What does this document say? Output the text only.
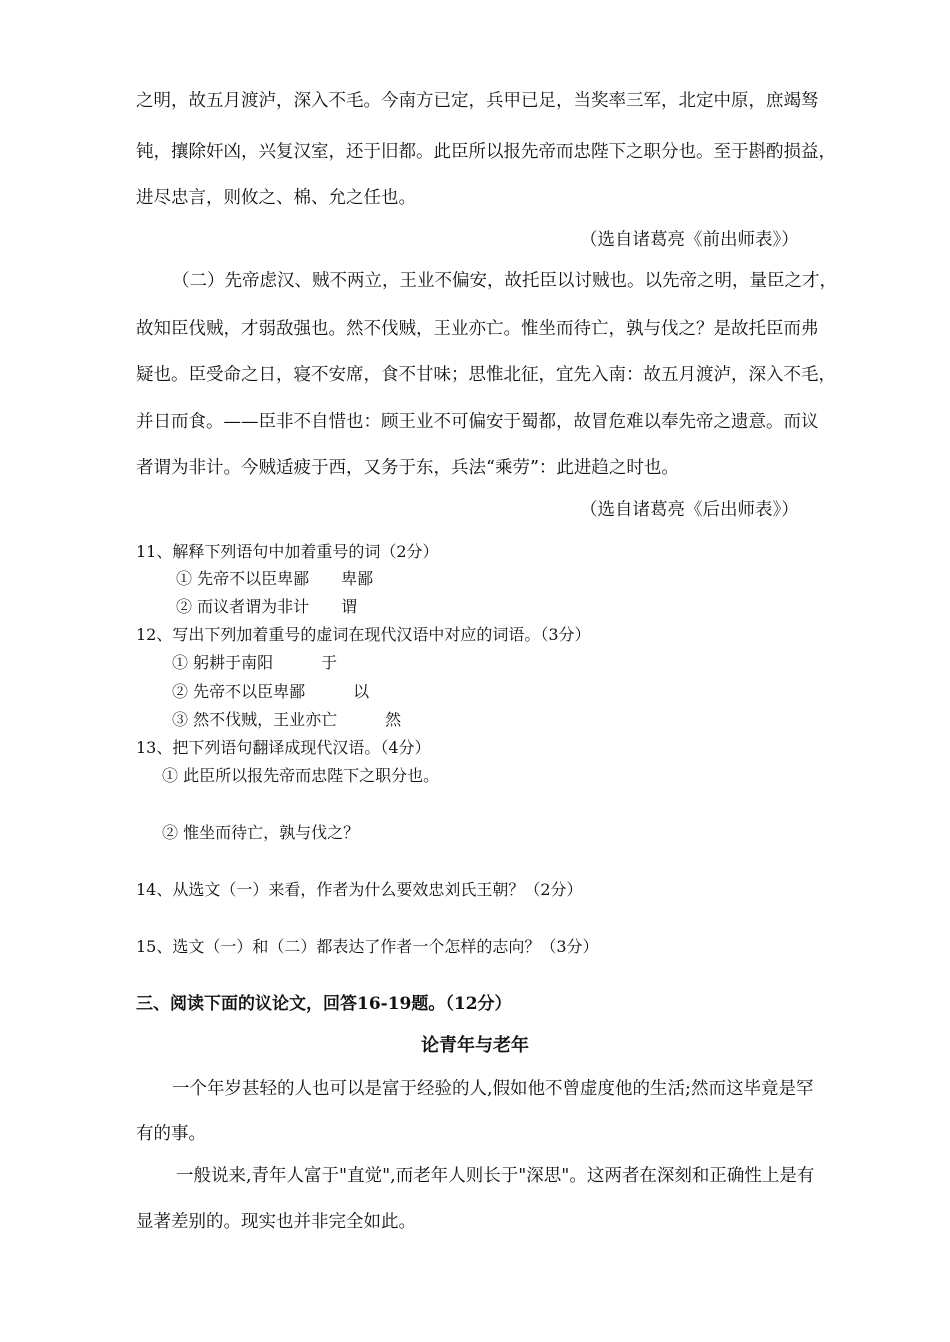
之明，故五月渡泸，深入不毛。今南方已定，兵甲已足，当奖率三军，北定中原，庶竭驽
钝，攘除奸凶，兴复汉室，还于旧都。此臣所以报先帝而忠陛下之职分也。至于斟酌损益，
进尽忠言，则攸之、棉、允之任也。
（选自诸葛亮《前出师表》）
（二）先帝虑汉、贼不两立，王业不偏安，故托臣以讨贼也。以先帝之明，量臣之才，
故知臣伐贼，才弱敌强也。然不伐贼，王业亦亡。惟坐而待亡，孰与伐之？是故托臣而弗
疑也。臣受命之日，寝不安席，食不甘味；思惟北征，宜先入南：故五月渡泸，深入不毛，
并日而食。——臣非不自惜也：顾王业不可偏安于蜀都，故冒危难以奉先帝之遗意。而议
者谓为非计。今贼适疲于西，又务于东，兵法“乘劳”：此进趋之时也。
（选自诸葛亮《后出师表》）
11、解释下列语句中加着重号的词（2分）
① 先帝不以臣卑鄙　　卑鄙
② 而议者谓为非计　　谓
12、写出下列加着重号的虚词在现代汉语中对应的词语。（3分）
① 躬耕于南阳　　　于
② 先帝不以臣卑鄙　　　以
③ 然不伐贼，王业亦亡　　　然
13、把下列语句翻译成现代汉语。（4分）
① 此臣所以报先帝而忠陛下之职分也。
② 惟坐而待亡，孰与伐之？
14、从选文（一）来看，作者为什么要效忠刘氏王朝？（2分）
15、选文（一）和（二）都表达了作者一个怎样的志向？（3分）
三、阅读下面的议论文，回答16-19题。（12分）
论青年与老年
一个年岁甚轻的人也可以是富于经验的人,假如他不曾虚度他的生活;然而这毕竟是罕
有的事。
一般说来,青年人富于"直觉",而老年人则长于"深思"。这两者在深刻和正确性上是有
显著差别的。现实也并非完全如此。
